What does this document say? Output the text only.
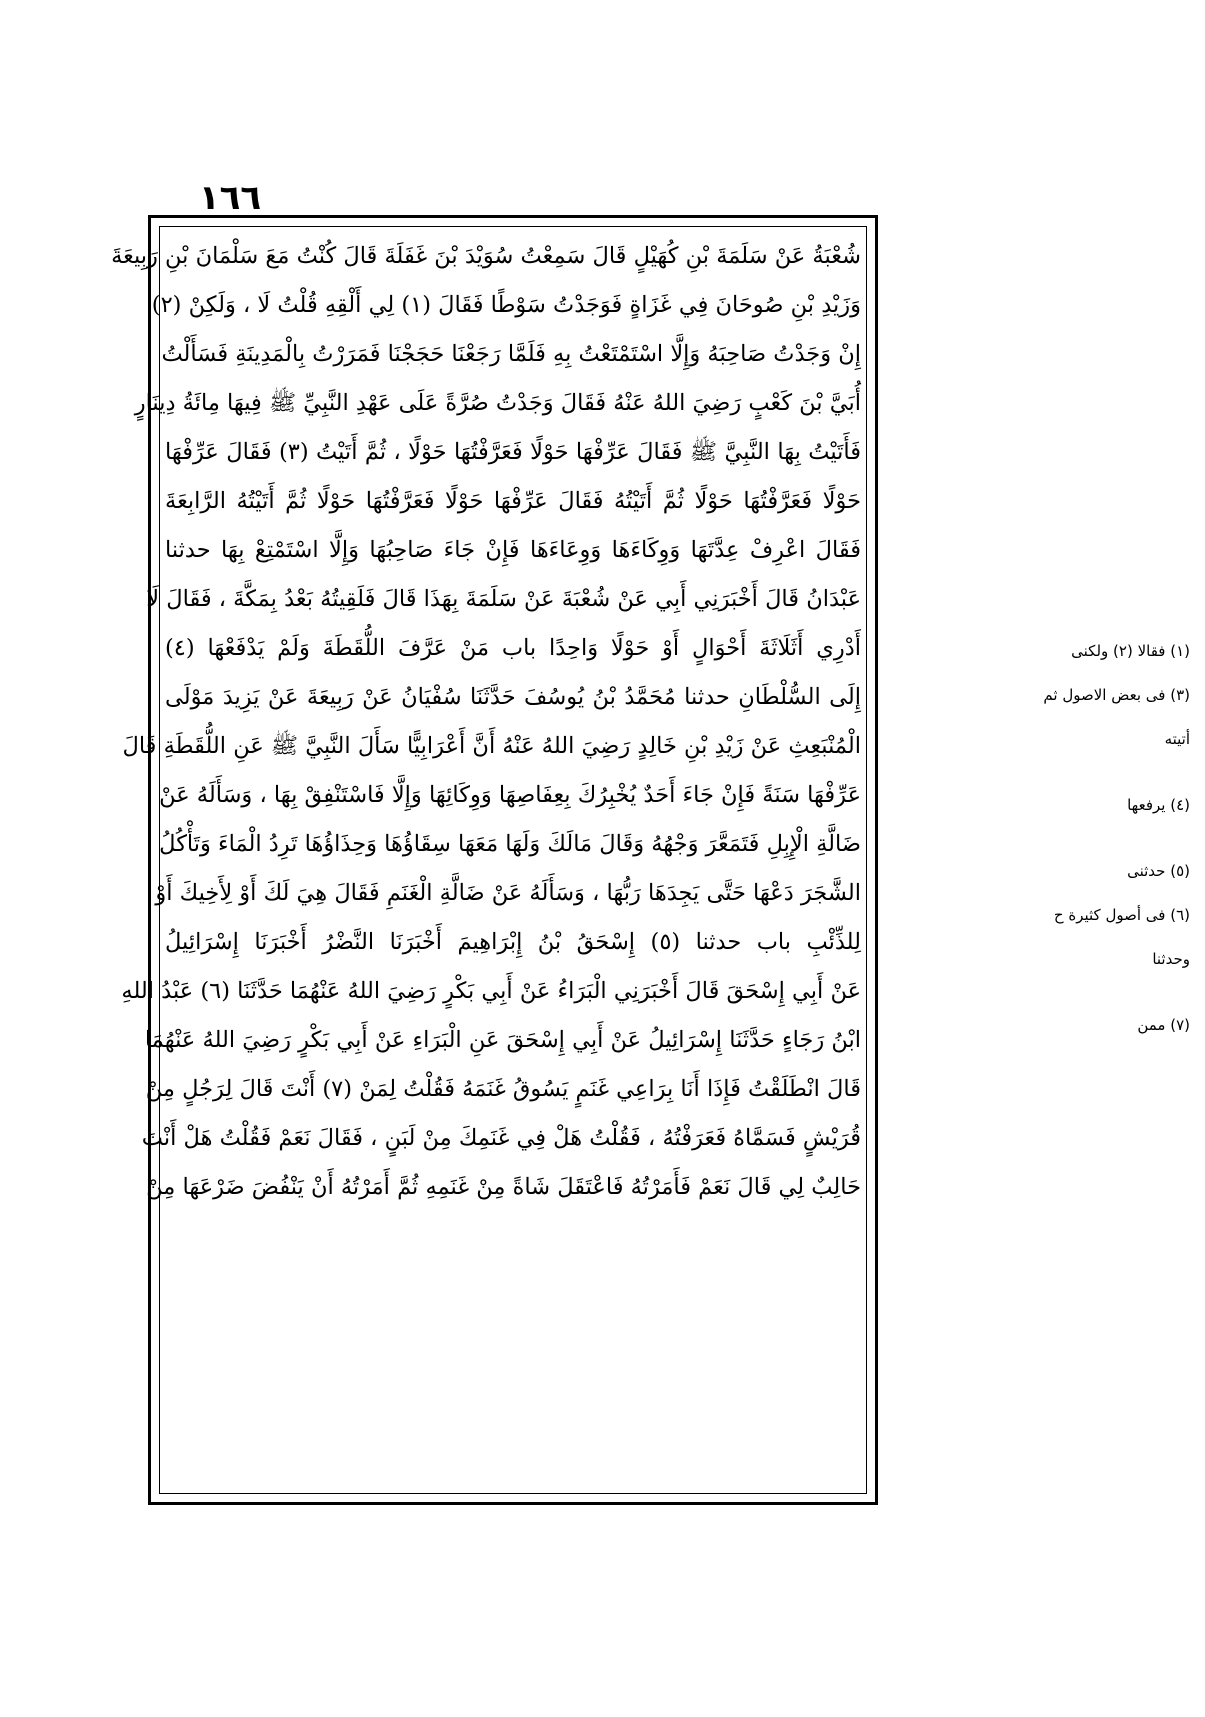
١٦٦
شُعْبَةُ عَنْ سَلَمَةَ بْنِ كُهَيْلٍ قَالَ سَمِعْتُ سُوَيْدَ بْنَ غَفَلَةَ قَالَ كُنْتُ مَعَ سَلْمَانَ بْنِ رَبِيعَةَ
وَزَيْدِ بْنِ صُوحَانَ فِي غَزَاةٍ فَوَجَدْتُ سَوْطًا فَقَالَ (١) لِي أَلْقِهِ قُلْتُ لَا ، وَلَكِنْ (٢)
إِنْ وَجَدْتُ صَاحِبَهُ وَإِلَّا اسْتَمْتَعْتُ بِهِ فَلَمَّا رَجَعْنَا حَجَجْنَا فَمَرَرْتُ بِالْمَدِينَةِ فَسَأَلْتُ
أُبَيَّ بْنَ كَعْبٍ رَضِيَ اللهُ عَنْهُ فَقَالَ وَجَدْتُ صُرَّةً عَلَى عَهْدِ النَّبِيِّ ﷺ فِيهَا مِائَةُ دِينَارٍ
فَأَتَيْتُ بِهَا النَّبِيَّ ﷺ فَقَالَ عَرِّفْهَا حَوْلًا فَعَرَّفْتُهَا حَوْلًا ، ثُمَّ أَتَيْتُ (٣) فَقَالَ عَرِّفْهَا
حَوْلًا فَعَرَّفْتُهَا حَوْلًا ثُمَّ أَتَيْتُهُ فَقَالَ عَرِّفْهَا حَوْلًا فَعَرَّفْتُهَا حَوْلًا ثُمَّ أَتَيْتُهُ الرَّابِعَةَ
فَقَالَ اعْرِفْ عِدَّتَهَا وَوِكَاءَهَا وَوِعَاءَهَا فَإِنْ جَاءَ صَاحِبُهَا وَإِلَّا اسْتَمْتِعْ بِهَا حدثنا
عَبْدَانُ قَالَ أَخْبَرَنِي أَبِي عَنْ شُعْبَةَ عَنْ سَلَمَةَ بِهَذَا قَالَ فَلَقِيتُهُ بَعْدُ بِمَكَّةَ ، فَقَالَ لَا
أَدْرِي أَثَلَاثَةَ أَحْوَالٍ أَوْ حَوْلًا وَاحِدًا باب مَنْ عَرَّفَ اللُّقَطَةَ وَلَمْ يَدْفَعْهَا (٤)
إِلَى السُّلْطَانِ حدثنا مُحَمَّدُ بْنُ يُوسُفَ حَدَّثَنَا سُفْيَانُ عَنْ رَبِيعَةَ عَنْ يَزِيدَ مَوْلَى
الْمُنْبَعِثِ عَنْ زَيْدِ بْنِ خَالِدٍ رَضِيَ اللهُ عَنْهُ أَنَّ أَعْرَابِيًّا سَأَلَ النَّبِيَّ ﷺ عَنِ اللُّقَطَةِ قَالَ
عَرِّفْهَا سَنَةً فَإِنْ جَاءَ أَحَدٌ يُخْبِرُكَ بِعِفَاصِهَا وَوِكَائِهَا وَإِلَّا فَاسْتَنْفِقْ بِهَا ، وَسَأَلَهُ عَنْ
ضَالَّةِ الْإِبِلِ فَتَمَعَّرَ وَجْهُهُ وَقَالَ مَالَكَ وَلَهَا مَعَهَا سِقَاؤُهَا وَحِذَاؤُهَا تَرِدُ الْمَاءَ وَتَأْكُلُ
الشَّجَرَ دَعْهَا حَتَّى يَجِدَهَا رَبُّهَا ، وَسَأَلَهُ عَنْ ضَالَّةِ الْغَنَمِ فَقَالَ هِيَ لَكَ أَوْ لِأَخِيكَ أَوْ
لِلذِّئْبِ باب حدثنا (٥) إِسْحَقُ بْنُ إِبْرَاهِيمَ أَخْبَرَنَا النَّضْرُ أَخْبَرَنَا إِسْرَائِيلُ
عَنْ أَبِي إِسْحَقَ قَالَ أَخْبَرَنِي الْبَرَاءُ عَنْ أَبِي بَكْرٍ رَضِيَ اللهُ عَنْهُمَا حَدَّثَنَا (٦) عَبْدُ اللهِ
ابْنُ رَجَاءٍ حَدَّثَنَا إِسْرَائِيلُ عَنْ أَبِي إِسْحَقَ عَنِ الْبَرَاءِ عَنْ أَبِي بَكْرٍ رَضِيَ اللهُ عَنْهُمَا
قَالَ انْطَلَقْتُ فَإِذَا أَنَا بِرَاعِي غَنَمٍ يَسُوقُ غَنَمَهُ فَقُلْتُ لِمَنْ (٧) أَنْتَ قَالَ لِرَجُلٍ مِنْ
قُرَيْشٍ فَسَمَّاهُ فَعَرَفْتُهُ ، فَقُلْتُ هَلْ فِي غَنَمِكَ مِنْ لَبَنٍ ، فَقَالَ نَعَمْ فَقُلْتُ هَلْ أَنْتَ
حَالِبٌ لِي قَالَ نَعَمْ فَأَمَرْتُهُ فَاعْتَقَلَ شَاةً مِنْ غَنَمِهِ ثُمَّ أَمَرْتُهُ أَنْ يَنْفُضَ ضَرْعَهَا مِنْ
(١) فقالا (٢) ولكنى
(٣) فى بعض الاصول ثم
أتيته
(٤) يرفعها
(٥) حدثنى
(٦) فى أصول كثيرة ح
وحدثنا
(٧) ممن
